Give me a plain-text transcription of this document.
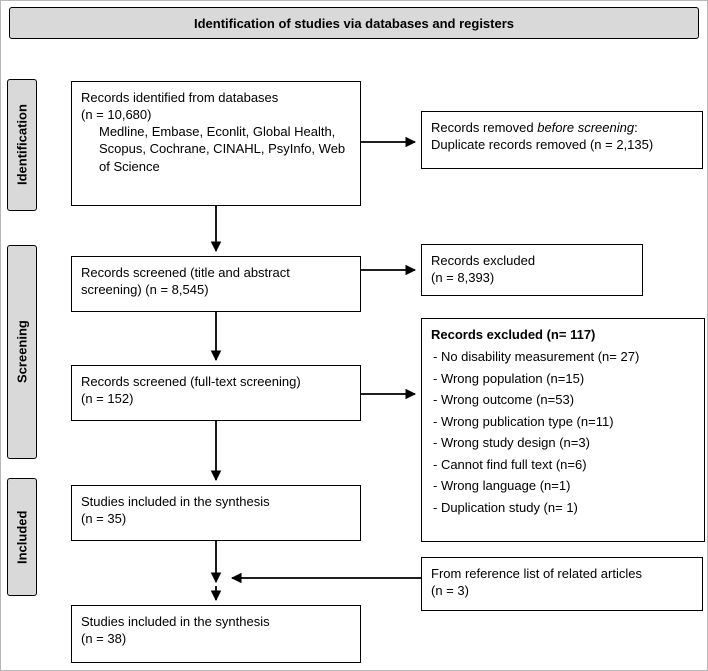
Identification of studies via databases and registers
Identification
Screening
Included
Records identified from databases
(n = 10,680)
Medline, Embase, Econlit, Global Health, Scopus, Cochrane, CINAHL, PsyInfo, Web of Science
Records screened (title and abstract screening) (n = 8,545)
Records screened (full-text screening)
(n = 152)
Studies included in the synthesis
(n = 35)
Studies included in the synthesis
(n = 38)
Records removed before screening:
Duplicate records removed (n = 2,135)
Records excluded
(n = 8,393)
Records excluded (n= 117)
- No disability measurement (n= 27)
- Wrong population (n=15)
- Wrong outcome (n=53)
- Wrong publication type (n=11)
- Wrong study design (n=3)
- Cannot find full text (n=6)
- Wrong language (n=1)
- Duplication study (n= 1)
From reference list of related articles
(n = 3)
